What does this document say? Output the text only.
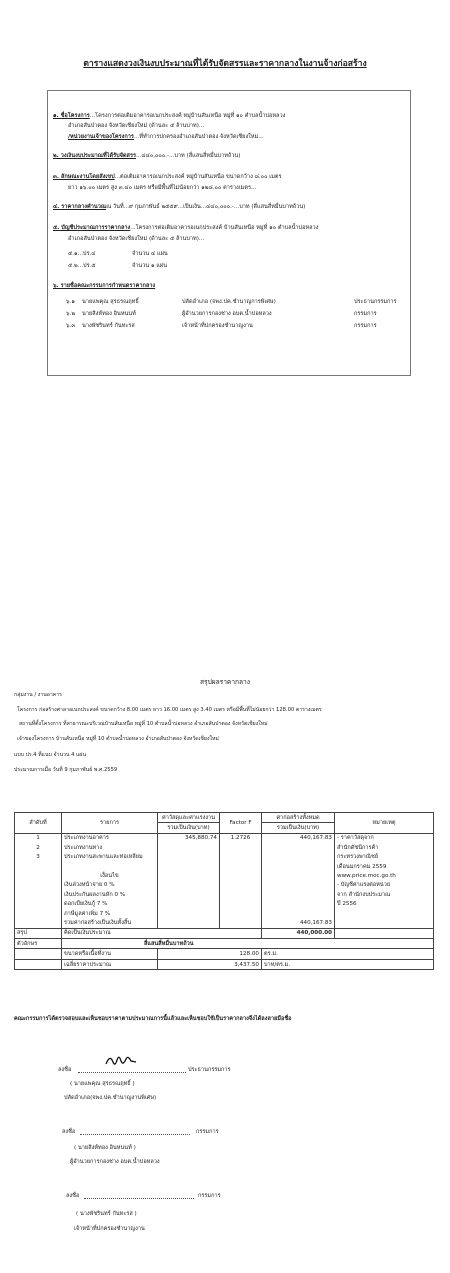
ตารางแสดงวงเงินงบประมาณที่ได้รับจัดสรรและราคากลางในงานจ้างก่อสร้าง
๑. ชื่อโครงการ...โครงการต่อเติมอาคารอเนกประสงค์ หมู่บ้านสันเหนือ หมู่ที่ ๑๐ ตำบลน้ำบ่อหลวง
อำเภอสันป่าตอง จังหวัดเชียงใหม่ (ด้านละ ๕ ล้านบาท)...
/หน่วยงานเจ้าของโครงการ...ที่ทำการปกครองอำเภอสันป่าตอง จังหวัดเชียงใหม่...
๒. วงเงินงบประมาณที่ได้รับจัดสรร...๔๔๐,๐๐๐.-...บาท (สี่แสนสี่หมื่นบาทถ้วน)
๓. ลักษณะงานโดยสังเขป...ต่อเติมอาคารอเนกประสงค์ หมู่บ้านสันเหนือ ขนาดกว้าง ๘.๐๐ เมตร
ยาว ๑๖.๐๐ เมตร สูง ๓.๔๐ เมตร หรือมีพื้นที่ไม่น้อยกว่า ๑๒๘.๐๐ ตารางเมตร...
๔. ราคากลางคำนวณณ วันที่...๙ กุมภาพันธ์ ๒๕๕๙...เป็นเงิน...๔๔๐,๐๐๐.-...บาท (สี่แสนสี่หมื่นบาทถ้วน)
๕. บัญชีประมาณการราคากลาง...โครงการต่อเติมอาคารอเนกประสงค์ บ้านสันเหนือ หมู่ที่ ๑๐ ตำบลน้ำบ่อหลวง
อำเภอสันป่าตอง จังหวัดเชียงใหม่ (ด้านละ ๕ ล้านบาท)...
๕.๑...ปร.๔	จำนวน ๔ แผ่น
๕.๒...ปร.๕	จำนวน ๑ แผ่น
๖. รายชื่อคณะกรรมการกำหนดราคากลาง
๖.๑ นายแพคุณ สุรธรณฤทธิ์	ปลัดอำเภอ (จพง.ปค.ชำนาญการพิเศษ)	ประธานกรรมการ
๖.๒ นายสิงห์ทอง อินหนนท์	ผู้อำนวยการกองช่าง อบต.น้ำบ่อหลวง	กรรมการ
๖.๓ นางพัชรินทร์ กันทะรส	เจ้าหน้าที่ปกครองชำนาญงาน	กรรมการ
สรุปผลราคากลาง
กลุ่มงาน / งานอาคาร
โครงการ ก่อสร้างศาลาอเนกประสงค์ ขนาดกว้าง 8.00 เมตร ยาว 16.00 เมตร สูง 3.40 เมตร หรือมีพื้นที่ไม่น้อยกว่า 128.00 ตารางเมตร
สถานที่ตั้งโครงการ ที่สาธารณะบริเวณบ้านสันเหนือ หมู่ที่ 10 ตำบลน้ำบ่อหลวง อำเภอสันป่าตอง จังหวัดเชียงใหม่
เจ้าของโครงการ บ้านสันเหนือ หมู่ที่ 10 ตำบลน้ำบ่อหลวง อำเภอสันป่าตอง จังหวัดเชียงใหม่
แบบ ปร.4 ที่แนบ จำนวน 4 แผ่น
ประมาณการเมื่อ วันที่ 9 กุมภาพันธ์ พ.ศ.2559
ลำดับที่	รายการ	ค่าวัสดุและค่าแรงงาน	Factor F	ค่าก่อสร้างทั้งหมด	หมายเหตุ
		รวมเป็นเงิน(บาท)		รวมเป็นเงิน(บาท)	
1	ประเภทงานอาคาร	345,880.74	1.2726	440,167.83	- ราคาวัสดุจาก
2	ประเภทงานทาง				สำนักดัชนีการค้า
3	ประเภทงานสะพานและท่อเหลี่ยม				กระทรวงพาณิชย์
					เดือนมกราคม 2559
	เงื่อนไข				www.price.moc.go.th
	เงินล่วงหน้าจ่าย 0 %				- บัญชีค่าแรงต่อหน่วย
	เงินประกันผลงานหัก 0 %				จาก สำนักงบประมาณ
	ดอกเบี้ยเงินกู้ 7 %				ปี 2556
	ภาษีมูลค่าเพิ่ม 7 %				
	รวมค่าก่อสร้างเป็นเงินทั้งสิ้น			440,167.83	
สรุป	คิดเป็นเงินประมาณ			440,000.00	
ตัวอักษร	สี่แสนสี่หมื่นบาทถ้วน				
	ขนาดหรือเนื้อที่งาน	128.00		ตร.ม.	
	เฉลี่ยราคาประมาณ	3,437.50		บาท/ตร.ม.	
คณะกรรมการได้ตรวจสอบและเห็นชอบราคาตามประมาณการนี้แล้วและเห็นชอบใช้เป็นราคากลางจึงได้ลงลายมือชื่อ
ลงชื่อ	ประธานกรรมการ
( นายแพคุณ สุรธรณฤทธิ์ )
ปลัดอำเภอ(จพง.ปค.ชำนาญงานพิเศษ)
ลงชื่อ	กรรมการ
( นายสิงห์ทอง อินหนนท์ )
ผู้อำนวยการกองช่าง อบต.น้ำบ่อหลวง
ลงชื่อ	กรรมการ
( นางพัชรินทร์ กันทะรส )
เจ้าหน้าที่ปกครองชำนาญงาน
